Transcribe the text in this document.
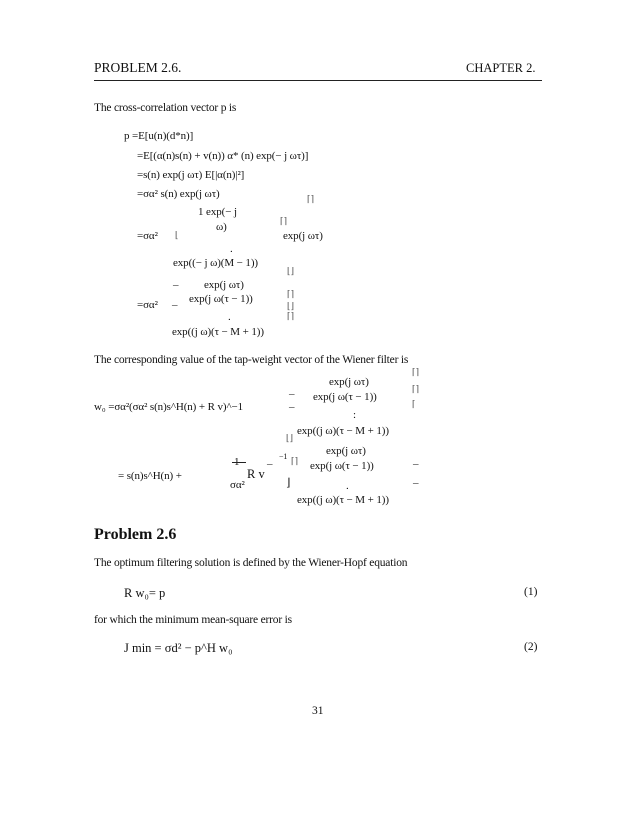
PROBLEM 2.6.	CHAPTER 2.
The cross-correlation vector p is
p =E[u(n)(d*n)]
=E[(α(n)s(n) + v(n)) α* (n) exp(− j ωτ)]
=s(n) exp(j ωτ) E[|α(n)|²]
=σα² s(n) exp(j ωτ)	⌈⌉
1 exp(− j
ω)	⌈⌉
=σα² ⌊	exp(j ωτ)
.
exp((− j ω)(M − 1))
⌊⌋
– exp(j ωτ)
⌈⌉
exp(j ω(τ − 1))
=σα² –	⌊⌋
.	⌈⌉
exp((j ω)(τ − M + 1))
The corresponding value of the tap-weight vector of the Wiener filter is
⌈⌉
exp(j ωτ)
–	⌈⌉
exp(j ω(τ − 1))
w₀ =σα²(σα² s(n)s^H(n) + R v)^−1	–	⌈
:
exp((j ω)(τ − M + 1))
⌊⌋
exp(j ωτ)
–
−1 ⌈⌉ exp(j ω(τ − 1))	–
= s(n)s^H(n) +	R v
σα²	⌋	–
.
exp((j ω)(τ − M + 1))
Problem 2.6
The optimum filtering solution is defined by the Wiener-Hopf equation
R w₀= p	(1)
for which the minimum mean-square error is
J min = σd² − p^H w₀	(2)
31
